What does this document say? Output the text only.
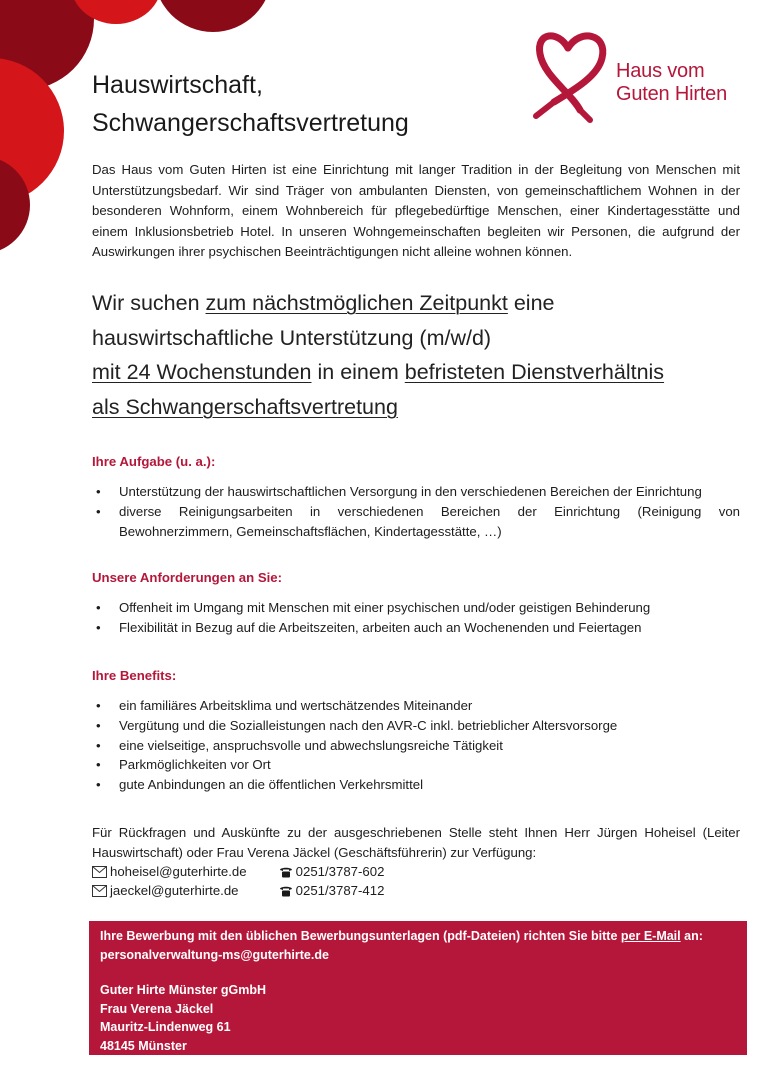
Haus vom
Guten Hirten
Hauswirtschaft,
Schwangerschaftsvertretung

Das Haus vom Guten Hirten ist eine Einrichtung mit langer Tradition in der Begleitung von Menschen mit Unterstützungsbedarf. Wir sind Träger von ambulanten Diensten, von gemeinschaftlichem Wohnen in der besonderen Wohnform, einem Wohnbereich für pflegebedürftige Menschen, einer Kindertagesstätte und einem Inklusionsbetrieb Hotel. In unseren Wohngemeinschaften begleiten wir Personen, die aufgrund der Auswirkungen ihrer psychischen Beeinträchtigungen nicht alleine wohnen können.

Wir suchen zum nächstmöglichen Zeitpunkt eine
hauswirtschaftliche Unterstützung (m/w/d)
mit 24 Wochenstunden in einem befristeten Dienstverhältnis
als Schwangerschaftsvertretung
Ihre Aufgabe (u. a.):
• Unterstützung der hauswirtschaftlichen Versorgung in den verschiedenen Bereichen der Einrichtung
• diverse Reinigungsarbeiten in verschiedenen Bereichen der Einrichtung (Reinigung von Bewohnerzimmern, Gemeinschaftsflächen, Kindertagesstätte, …)
Unsere Anforderungen an Sie:
• Offenheit im Umgang mit Menschen mit einer psychischen und/oder geistigen Behinderung
• Flexibilität in Bezug auf die Arbeitszeiten, arbeiten auch an Wochenenden und Feiertagen
Ihre Benefits:
• ein familiäres Arbeitsklima und wertschätzendes Miteinander
• Vergütung und die Sozialleistungen nach den AVR-C inkl. betrieblicher Altersvorsorge
• eine vielseitige, anspruchsvolle und abwechslungsreiche Tätigkeit
• Parkmöglichkeiten vor Ort
• gute Anbindungen an die öffentlichen Verkehrsmittel

Für Rückfragen und Auskünfte zu der ausgeschriebenen Stelle steht Ihnen Herr Jürgen Hoheisel (Leiter Hauswirtschaft) oder Frau Verena Jäckel (Geschäftsführerin) zur Verfügung:

hoheisel@guterhirte.de	0251/3787-602
jaeckel@guterhirte.de	0251/3787-412

Ihre Bewerbung mit den üblichen Bewerbungsunterlagen (pdf-Dateien) richten Sie bitte per E-Mail an:

personalverwaltung-ms@guterhirte.de

Guter Hirte Münster gGmbH

Frau Verena Jäckel

Mauritz-Lindenweg 61

48145 Münster
